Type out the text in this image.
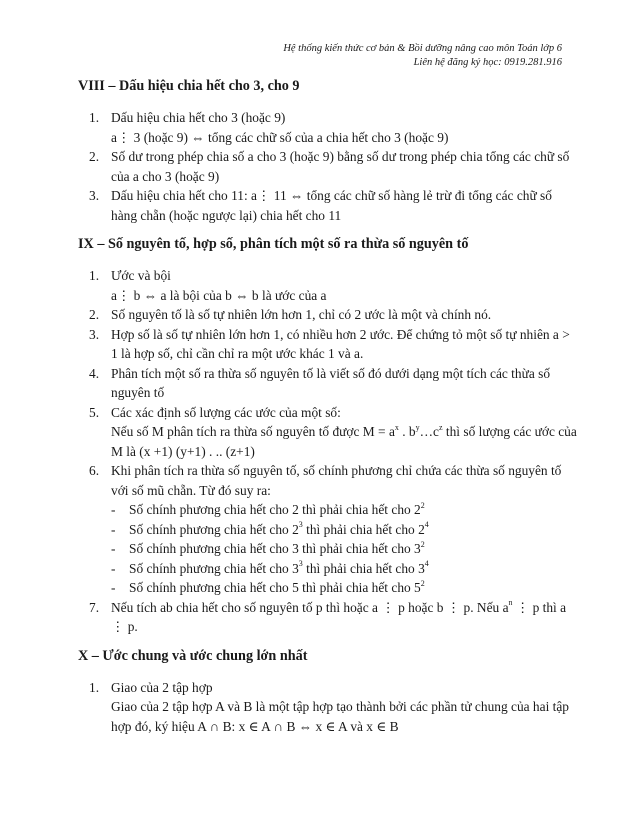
Hệ thống kiến thức cơ bản & Bồi dưỡng nâng cao môn Toán lớp 6
Liên hệ đăng ký học: 0919.281.916
VIII – Dấu hiệu chia hết cho 3, cho 9
1. Dấu hiệu chia hết cho 3 (hoặc 9)
a⋮ 3 (hoặc 9) ⇔ tổng các chữ số của a chia hết cho 3 (hoặc 9)
2. Số dư trong phép chia số a cho 3 (hoặc 9) bằng số dư trong phép chia tổng các chữ số của a cho 3 (hoặc 9)
3. Dấu hiệu chia hết cho 11: a⋮ 11 ⇔ tổng các chữ số hàng lẻ trừ đi tổng các chữ số hàng chẵn (hoặc ngược lại) chia hết cho 11
IX – Số nguyên tố, hợp số, phân tích một số ra thừa số nguyên tố
1. Ước và bội
a⋮ b ⇔ a là bội của b ⇔ b là ước của a
2. Số nguyên tố là số tự nhiên lớn hơn 1, chỉ có 2 ước là một và chính nó.
3. Hợp số là số tự nhiên lớn hơn 1, có nhiều hơn 2 ước. Để chứng tỏ một số tự nhiên a > 1 là hợp số, chỉ cần chỉ ra một ước khác 1 và a.
4. Phân tích một số ra thừa số nguyên tố là viết số đó dưới dạng một tích các thừa số nguyên tố
5. Các xác định số lượng các ước của một số:
Nếu số M phân tích ra thừa số nguyên tố được $M = a^x$ . $b^y\dots c^z$ thì số lượng các ước của M là (x +1) (y+1) . .. (z+1)
6. Khi phân tích ra thừa số nguyên tố, số chính phương chỉ chứa các thừa số nguyên tố với số mũ chẵn. Từ đó suy ra:
- Số chính phương chia hết cho 2 thì phải chia hết cho $2^2$
- Số chính phương chia hết cho $2^3$ thì phải chia hết cho $2^4$
- Số chính phương chia hết cho 3 thì phải chia hết cho $3^2$
- Số chính phương chia hết cho $3^3$ thì phải chia hết cho $3^4$
- Số chính phương chia hết cho 5 thì phải chia hết cho $5^2$
7. Nếu tích ab chia hết cho số nguyên tố p thì hoặc a ⋮ p hoặc b ⋮ p. Nếu $a^n$ ⋮ p thì a ⋮ p.
X – Ước chung và ước chung lớn nhất
1. Giao của 2 tập hợp
Giao của 2 tập hợp A và B là một tập hợp tạo thành bởi các phần tử chung của hai tập hợp đó, ký hiệu A ∩ B: x ∈ A ∩ B ⇔ x ∈ A và x ∈ B
